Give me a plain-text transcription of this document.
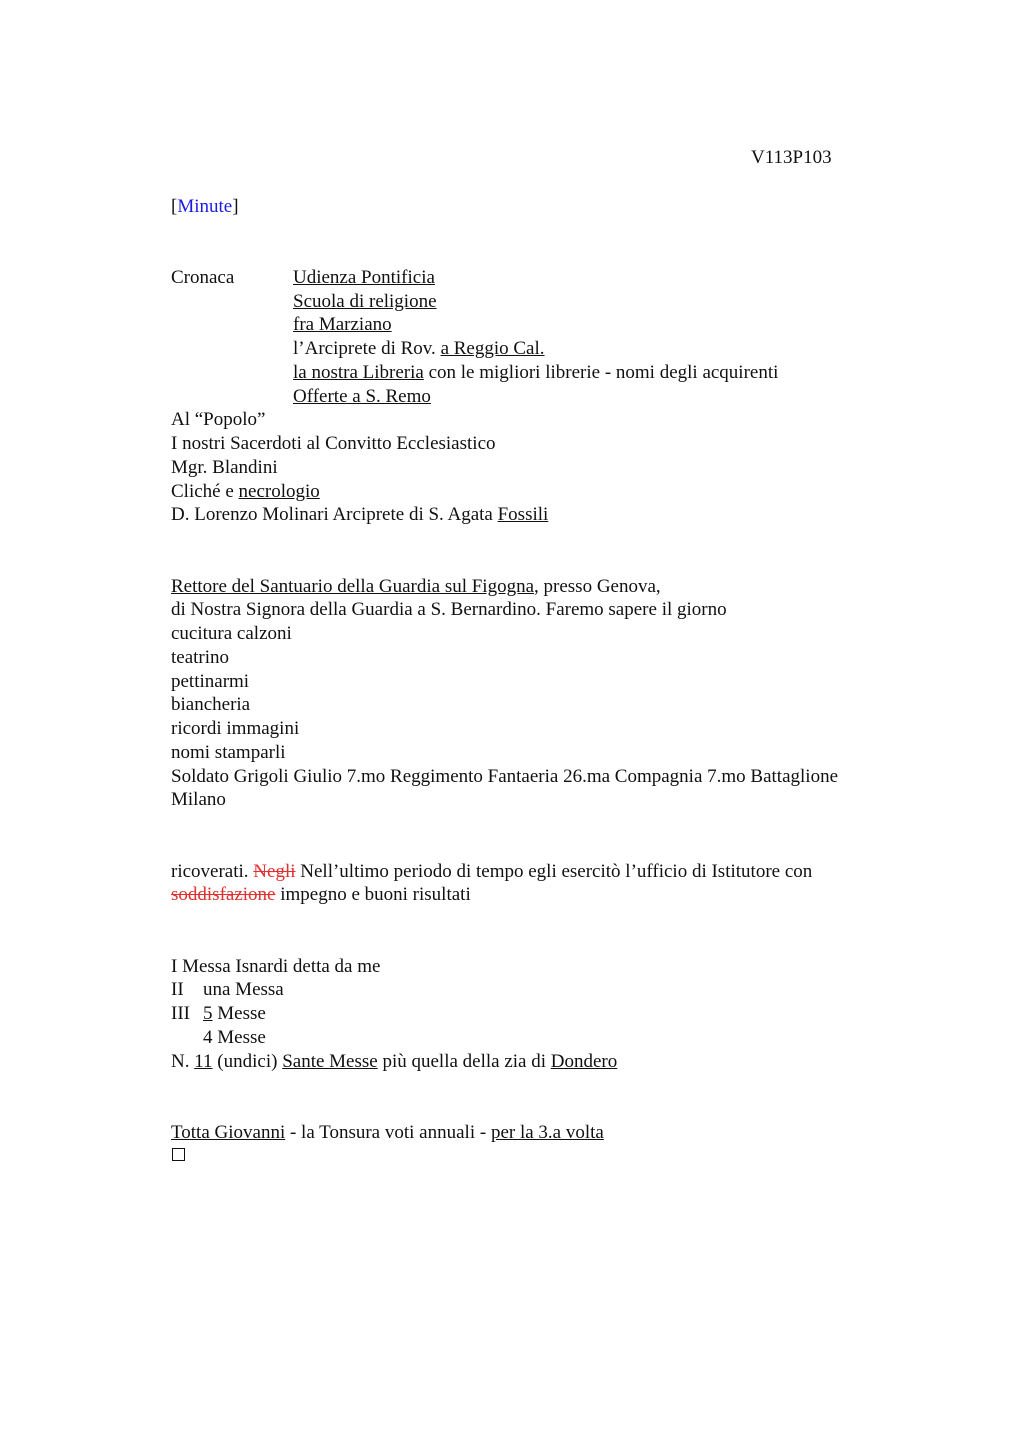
V113P103
[Minute]
Cronaca	Udienza Pontificia
Scuola di religione
fra Marziano
l’Arciprete di Rov. a Reggio Cal.
la nostra Libreria con le migliori librerie - nomi degli acquirenti
Offerte a S. Remo
Al “Popolo”
I nostri Sacerdoti al Convitto Ecclesiastico
Mgr. Blandini
Cliché e necrologio
D. Lorenzo Molinari Arciprete di S. Agata Fossili
Rettore del Santuario della Guardia sul Figogna, presso Genova,
di Nostra Signora della Guardia a S. Bernardino. Faremo sapere il giorno
cucitura calzoni
teatrino
pettinarmi
biancheria
ricordi immagini
nomi stamparli
Soldato Grigoli Giulio 7.mo Reggimento Fantaeria 26.ma Compagnia 7.mo Battaglione
Milano
ricoverati. Negli Nell’ultimo periodo di tempo egli esercitò l’ufficio di Istitutore con
soddisfazione impegno e buoni risultati
I Messa Isnardi detta da me
II una Messa
III 5 Messe
4 Messe
N. 11 (undici) Sante Messe più quella della zia di Dondero
Totta Giovanni - la Tonsura voti annuali - per la 3.a volta
